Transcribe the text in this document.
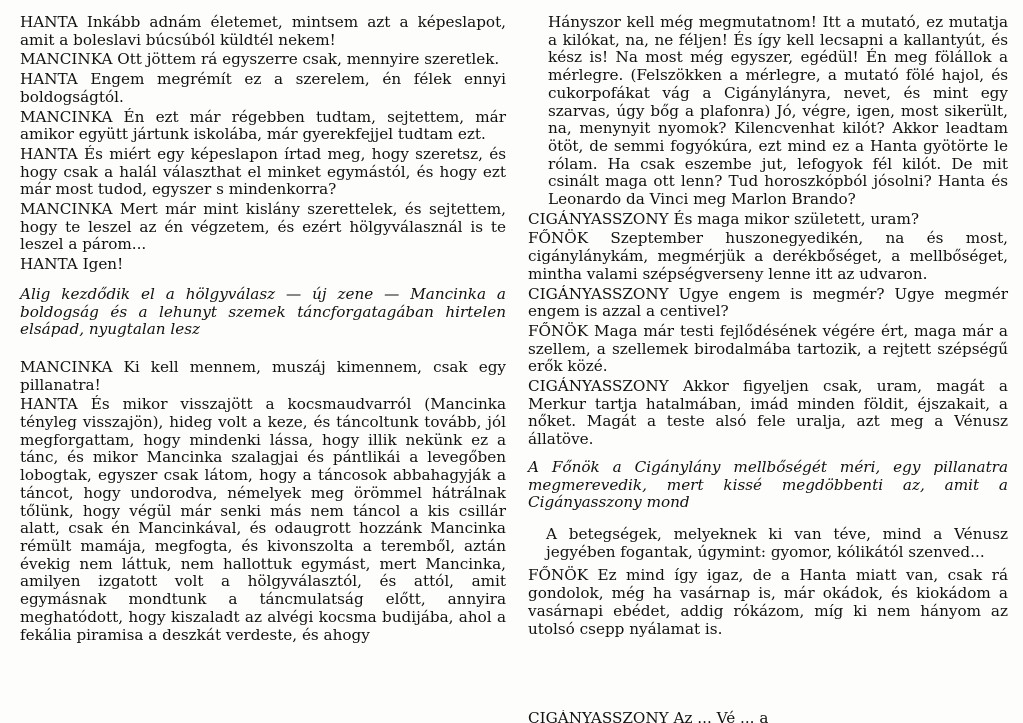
HANTA Inkább adnám életemet, mintsem azt a képeslapot, amit a boleslavi búcsúból küldtél nekem!

MANCINKA Ott jöttem rá egyszerre csak, mennyire szeretlek.

HANTA Engem megrémít ez a szerelem, én félek ennyi boldogságtól.

MANCINKA Én ezt már régebben tudtam, sejtettem, már amikor együtt jártunk iskolába, már gyerekfejjel tudtam ezt.

HANTA És miért egy képeslapon írtad meg, hogy szeretsz, és hogy csak a halál választhat el minket egymástól, és hogy ezt már most tudod, egyszer s mindenkorra?

MANCINKA Mert már mint kislány szerettelek, és sejtettem, hogy te leszel az én végzetem, és ezért hölgyválasznál is te leszel a párom...

HANTA Igen!

Alig kezdődik el a hölgyválasz — új zene — Mancinka a boldogság és a lehunyt szemek táncforgatagában hirtelen elsápad, nyugtalan lesz

MANCINKA Ki kell mennem, muszáj kimennem, csak egy pillanatra!

HANTA És mikor visszajött a kocsmaudvarról (Mancinka tényleg visszajön), hideg volt a keze, és táncoltunk tovább, jól megforgattam, hogy mindenki lássa, hogy illik nekünk ez a tánc, és mikor Mancinka szalagjai és pántlikái a levegőben lobogtak, egyszer csak látom, hogy a táncosok abbahagyják a táncot, hogy undorodva, némelyek meg örömmel hátrálnak tőlünk, hogy végül már senki más nem táncol a kis csillár alatt, csak én Mancinkával, és odaugrott hozzánk Mancinka rémült mamája, megfogta, és kivonszolta a teremből, aztán évekig nem láttuk, nem hallottuk egymást, mert Mancinka, amilyen izgatott volt a hölgyválasztól, és attól, amit egymásnak mondtunk a táncmulatság előtt, annyira meghatódott, hogy kiszaladt az alvégi kocsma budijába, ahol a fekália piramisa a deszkát verdeste, és ahogy

Hányszor kell még megmutatnom! Itt a mutató, ez mutatja a kilókat, na, ne féljen! És így kell lecsapni a kallantyút, és kész is! Na most még egyszer, egédül! Én meg fölállok a mérlegre. (Felszökken a mérlegre, a mutató fölé hajol, és cukorpofákat vág a Cigánylányra, nevet, és mint egy szarvas, úgy bőg a plafonra) Jó, végre, igen, most sikerült, na, menynyit nyomok? Kilencvenhat kilót? Akkor leadtam ötöt, de semmi fogyókúra, ezt mind ez a Hanta gyötörte le rólam. Ha csak eszembe jut, lefogyok fél kilót. De mit csinált maga ott lenn? Tud horoszkópból jósolni? Hanta és Leonardo da Vinci meg Marlon Brando?

CIGÁNYASSZONY És maga mikor született, uram?

FŐNÖK Szeptember huszonegyedikén, na és most, cigánylánykám, megmérjük a derékbőséget, a mellbőséget, mintha valami szépségverseny lenne itt az udvaron.

CIGÁNYASSZONY Ugye engem is megmér? Ugye megmér engem is azzal a centivel?

FŐNÖK Maga már testi fejlődésének végére ért, maga már a szellem, a szellemek birodalmába tartozik, a rejtett szépségű erők közé.

CIGÁNYASSZONY Akkor figyeljen csak, uram, magát a Merkur tartja hatalmában, imád minden földit, éjszakait, a nőket. Magát a teste alsó fele uralja, azt meg a Vénusz állatöve.

A Főnök a Cigánylány mellbőségét méri, egy pillanatra megmerevedik, mert kissé megdöbbenti az, amit a Cigányasszony mond

A betegségek, melyeknek ki van téve, mind a Vénusz jegyében fogantak, úgymint: gyomor, kólikától szenved...

FŐNÖK Ez mind így igaz, de a Hanta miatt van, csak rá gondolok, még ha vasárnap is, már okádok, és kiokádom a vasárnapi ebédet, addig rókázom, míg ki nem hányom az utolsó csepp nyálamat is.

CIGÁNYASSZONY Az ... Vé ... a
